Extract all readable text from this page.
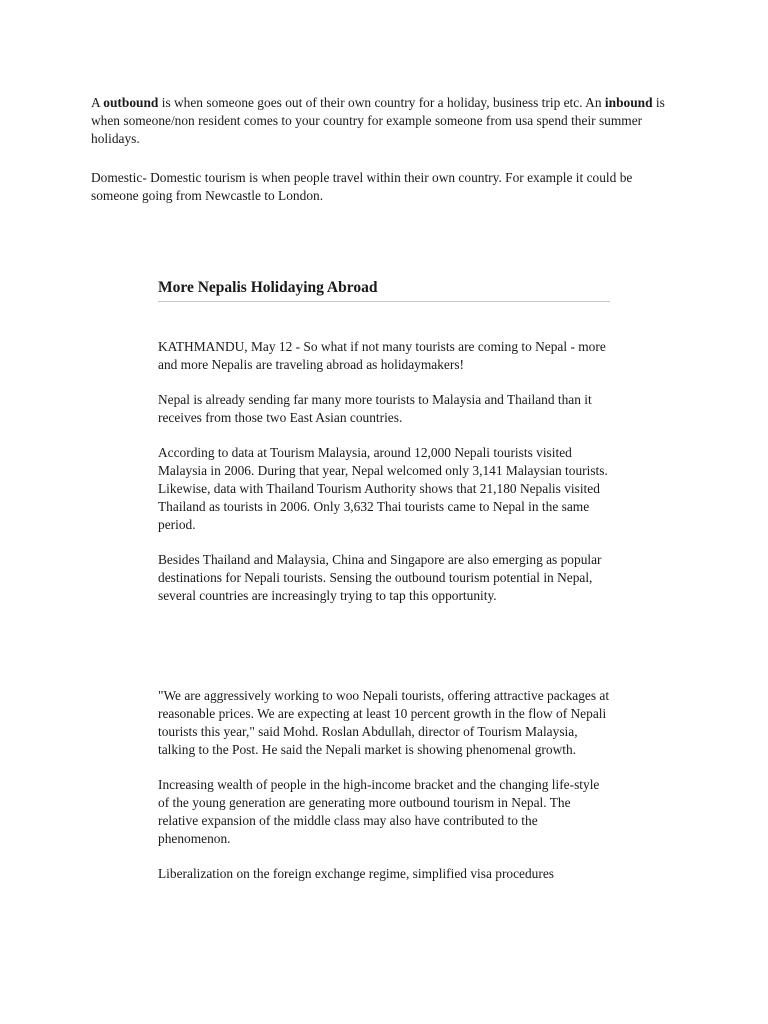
A outbound is when someone goes out of their own country for a holiday, business trip etc. An inbound is when someone/non resident comes to your country for example someone from usa spend their summer holidays.

Domestic- Domestic tourism is when people travel within their own country. For example it could be someone going from Newcastle to London.

More Nepalis Holidaying Abroad

KATHMANDU, May 12 - So what if not many tourists are coming to Nepal - more and more Nepalis are traveling abroad as holidaymakers!

Nepal is already sending far many more tourists to Malaysia and Thailand than it receives from those two East Asian countries.

According to data at Tourism Malaysia, around 12,000 Nepali tourists visited Malaysia in 2006. During that year, Nepal welcomed only 3,141 Malaysian tourists. Likewise, data with Thailand Tourism Authority shows that 21,180 Nepalis visited Thailand as tourists in 2006. Only 3,632 Thai tourists came to Nepal in the same period.

Besides Thailand and Malaysia, China and Singapore are also emerging as popular destinations for Nepali tourists. Sensing the outbound tourism potential in Nepal, several countries are increasingly trying to tap this opportunity.

"We are aggressively working to woo Nepali tourists, offering attractive packages at reasonable prices. We are expecting at least 10 percent growth in the flow of Nepali tourists this year," said Mohd. Roslan Abdullah, director of Tourism Malaysia, talking to the Post. He said the Nepali market is showing phenomenal growth.

Increasing wealth of people in the high-income bracket and the changing life-style of the young generation are generating more outbound tourism in Nepal. The relative expansion of the middle class may also have contributed to the phenomenon.

Liberalization on the foreign exchange regime, simplified visa procedures
